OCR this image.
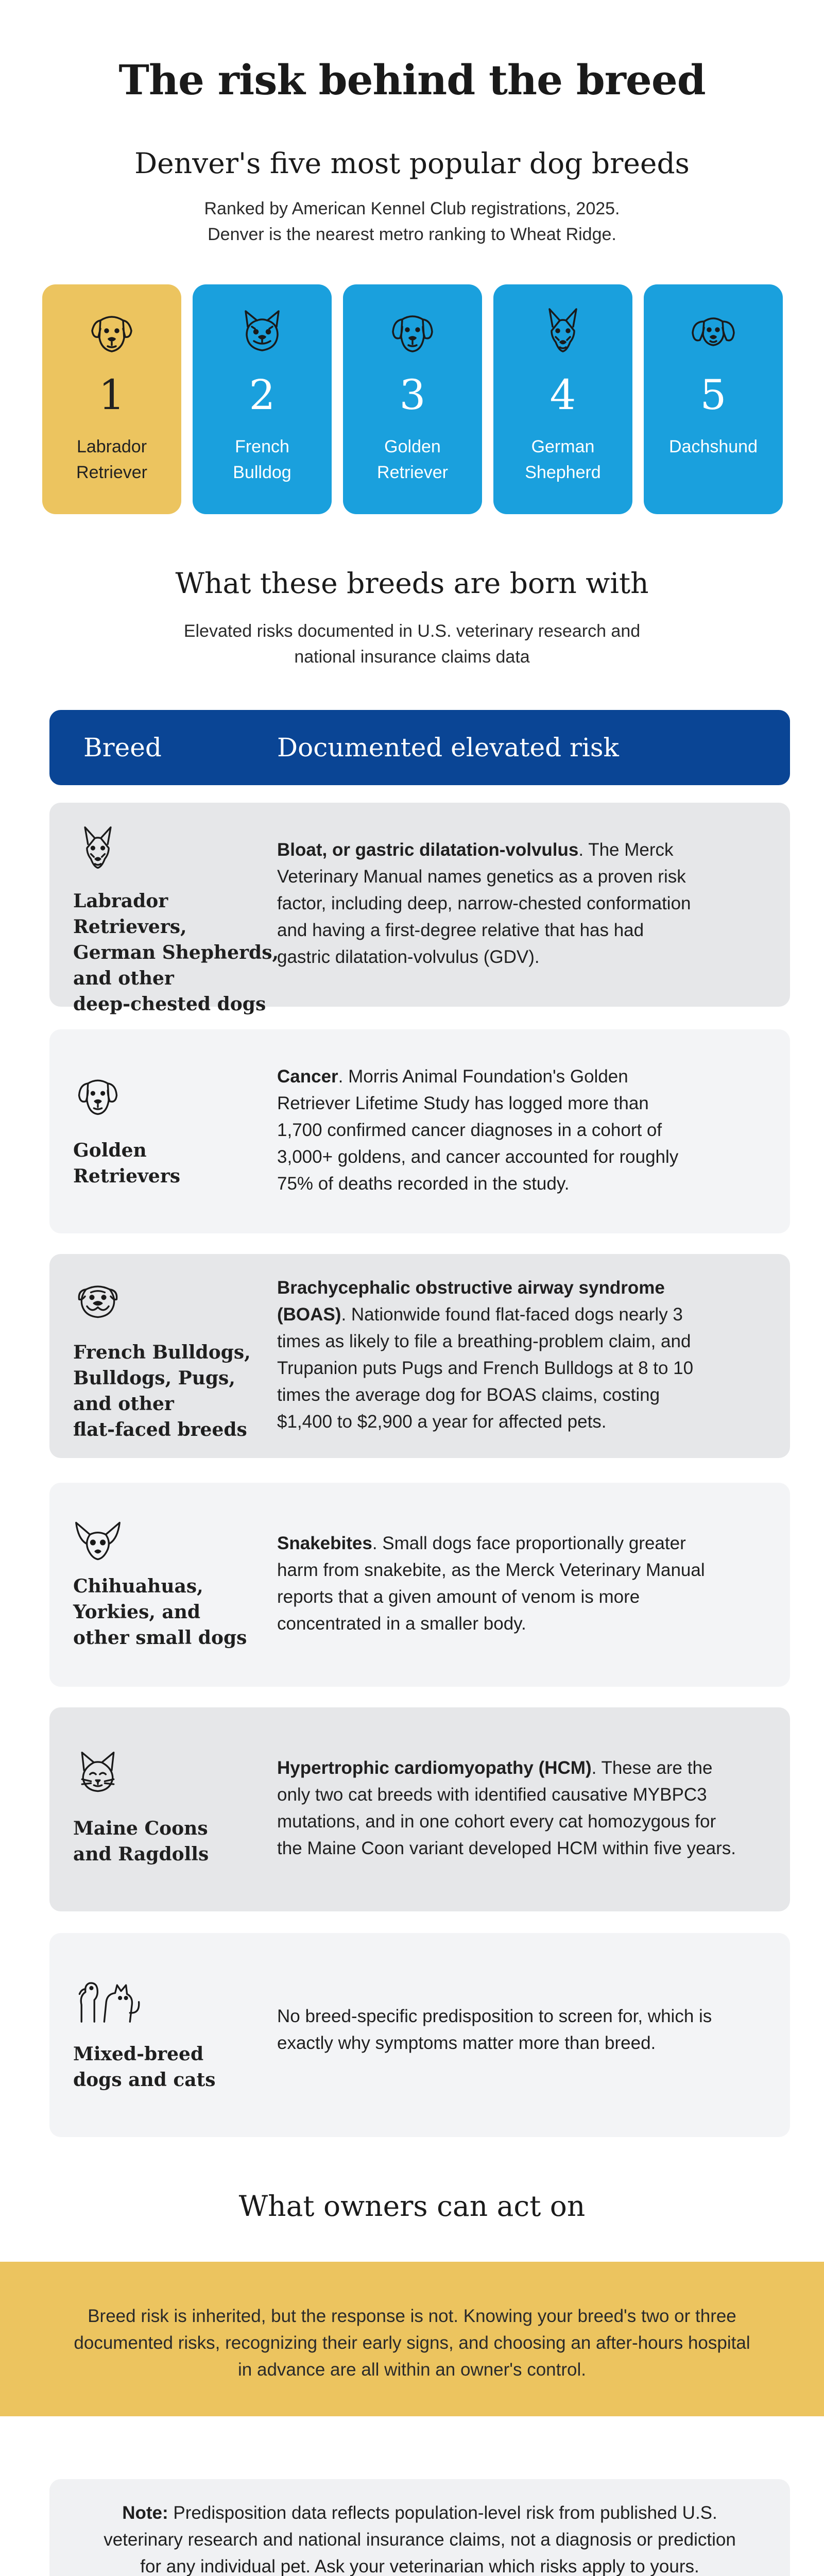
The risk behind the breed
Denver's five most popular dog breeds
Ranked by American Kennel Club registrations, 2025.
Denver is the nearest metro ranking to Wheat Ridge.
1
Labrador
Retriever
2
French
Bulldog
3
Golden
Retriever
4
German
Shepherd
5
Dachshund
What these breeds are born with
Elevated risks documented in U.S. veterinary research and
national insurance claims data
Breed	Documented elevated risk
Labrador Retrievers,
German Shepherds,
and other
deep-chested dogs
Bloat, or gastric dilatation-volvulus. The Merck
Veterinary Manual names genetics as a proven risk
factor, including deep, narrow-chested conformation
and having a first-degree relative that has had
gastric dilatation-volvulus (GDV).
Golden
Retrievers
Cancer. Morris Animal Foundation's Golden
Retriever Lifetime Study has logged more than
1,700 confirmed cancer diagnoses in a cohort of
3,000+ goldens, and cancer accounted for roughly
75% of deaths recorded in the study.
French Bulldogs,
Bulldogs, Pugs,
and other
flat-faced breeds
Brachycephalic obstructive airway syndrome
(BOAS). Nationwide found flat-faced dogs nearly 3
times as likely to file a breathing-problem claim, and
Trupanion puts Pugs and French Bulldogs at 8 to 10
times the average dog for BOAS claims, costing
$1,400 to $2,900 a year for affected pets.
Chihuahuas,
Yorkies, and
other small dogs
Snakebites. Small dogs face proportionally greater
harm from snakebite, as the Merck Veterinary Manual
reports that a given amount of venom is more
concentrated in a smaller body.
Maine Coons
and Ragdolls
Hypertrophic cardiomyopathy (HCM). These are the
only two cat breeds with identified causative MYBPC3
mutations, and in one cohort every cat homozygous for
the Maine Coon variant developed HCM within five years.
Mixed-breed
dogs and cats
No breed-specific predisposition to screen for, which is
exactly why symptoms matter more than breed.
What owners can act on
Breed risk is inherited, but the response is not. Knowing your breed's two or three
documented risks, recognizing their early signs, and choosing an after-hours hospital
in advance are all within an owner's control.
Note: Predisposition data reflects population-level risk from published U.S.
veterinary research and national insurance claims, not a diagnosis or prediction
for any individual pet. Ask your veterinarian which risks apply to yours.
